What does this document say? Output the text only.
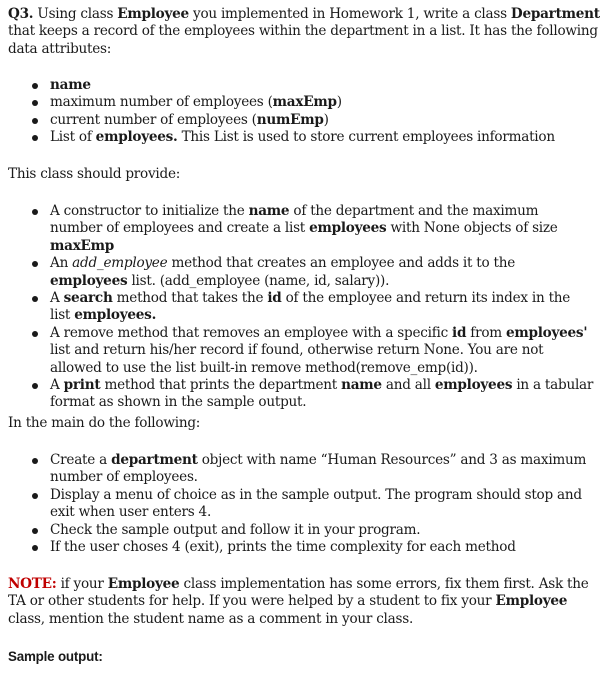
Q3. Using class Employee you implemented in Homework 1, write a class Department that keeps a record of the employees within the department in a list. It has the following data attributes:
name
maximum number of employees (maxEmp)
current number of employees (numEmp)
List of employees. This List is used to store current employees information
This class should provide:
A constructor to initialize the name of the department and the maximum number of employees and create a list employees with None objects of size maxEmp
An add_employee method that creates an employee and adds it to the employees list. (add_employee (name, id, salary)).
A search method that takes the id of the employee and return its index in the list employees.
A remove method that removes an employee with a specific id from employees' list and return his/her record if found, otherwise return None. You are not allowed to use the list built-in remove method(remove_emp(id)).
A print method that prints the department name and all employees in a tabular format as shown in the sample output.
In the main do the following:
Create a department object with name “Human Resources” and 3 as maximum number of employees.
Display a menu of choice as in the sample output. The program should stop and exit when user enters 4.
Check the sample output and follow it in your program.
If the user choses 4 (exit), prints the time complexity for each method
NOTE: if your Employee class implementation has some errors, fix them first. Ask the TA or other students for help. If you were helped by a student to fix your Employee class, mention the student name as a comment in your class.
Sample output:
